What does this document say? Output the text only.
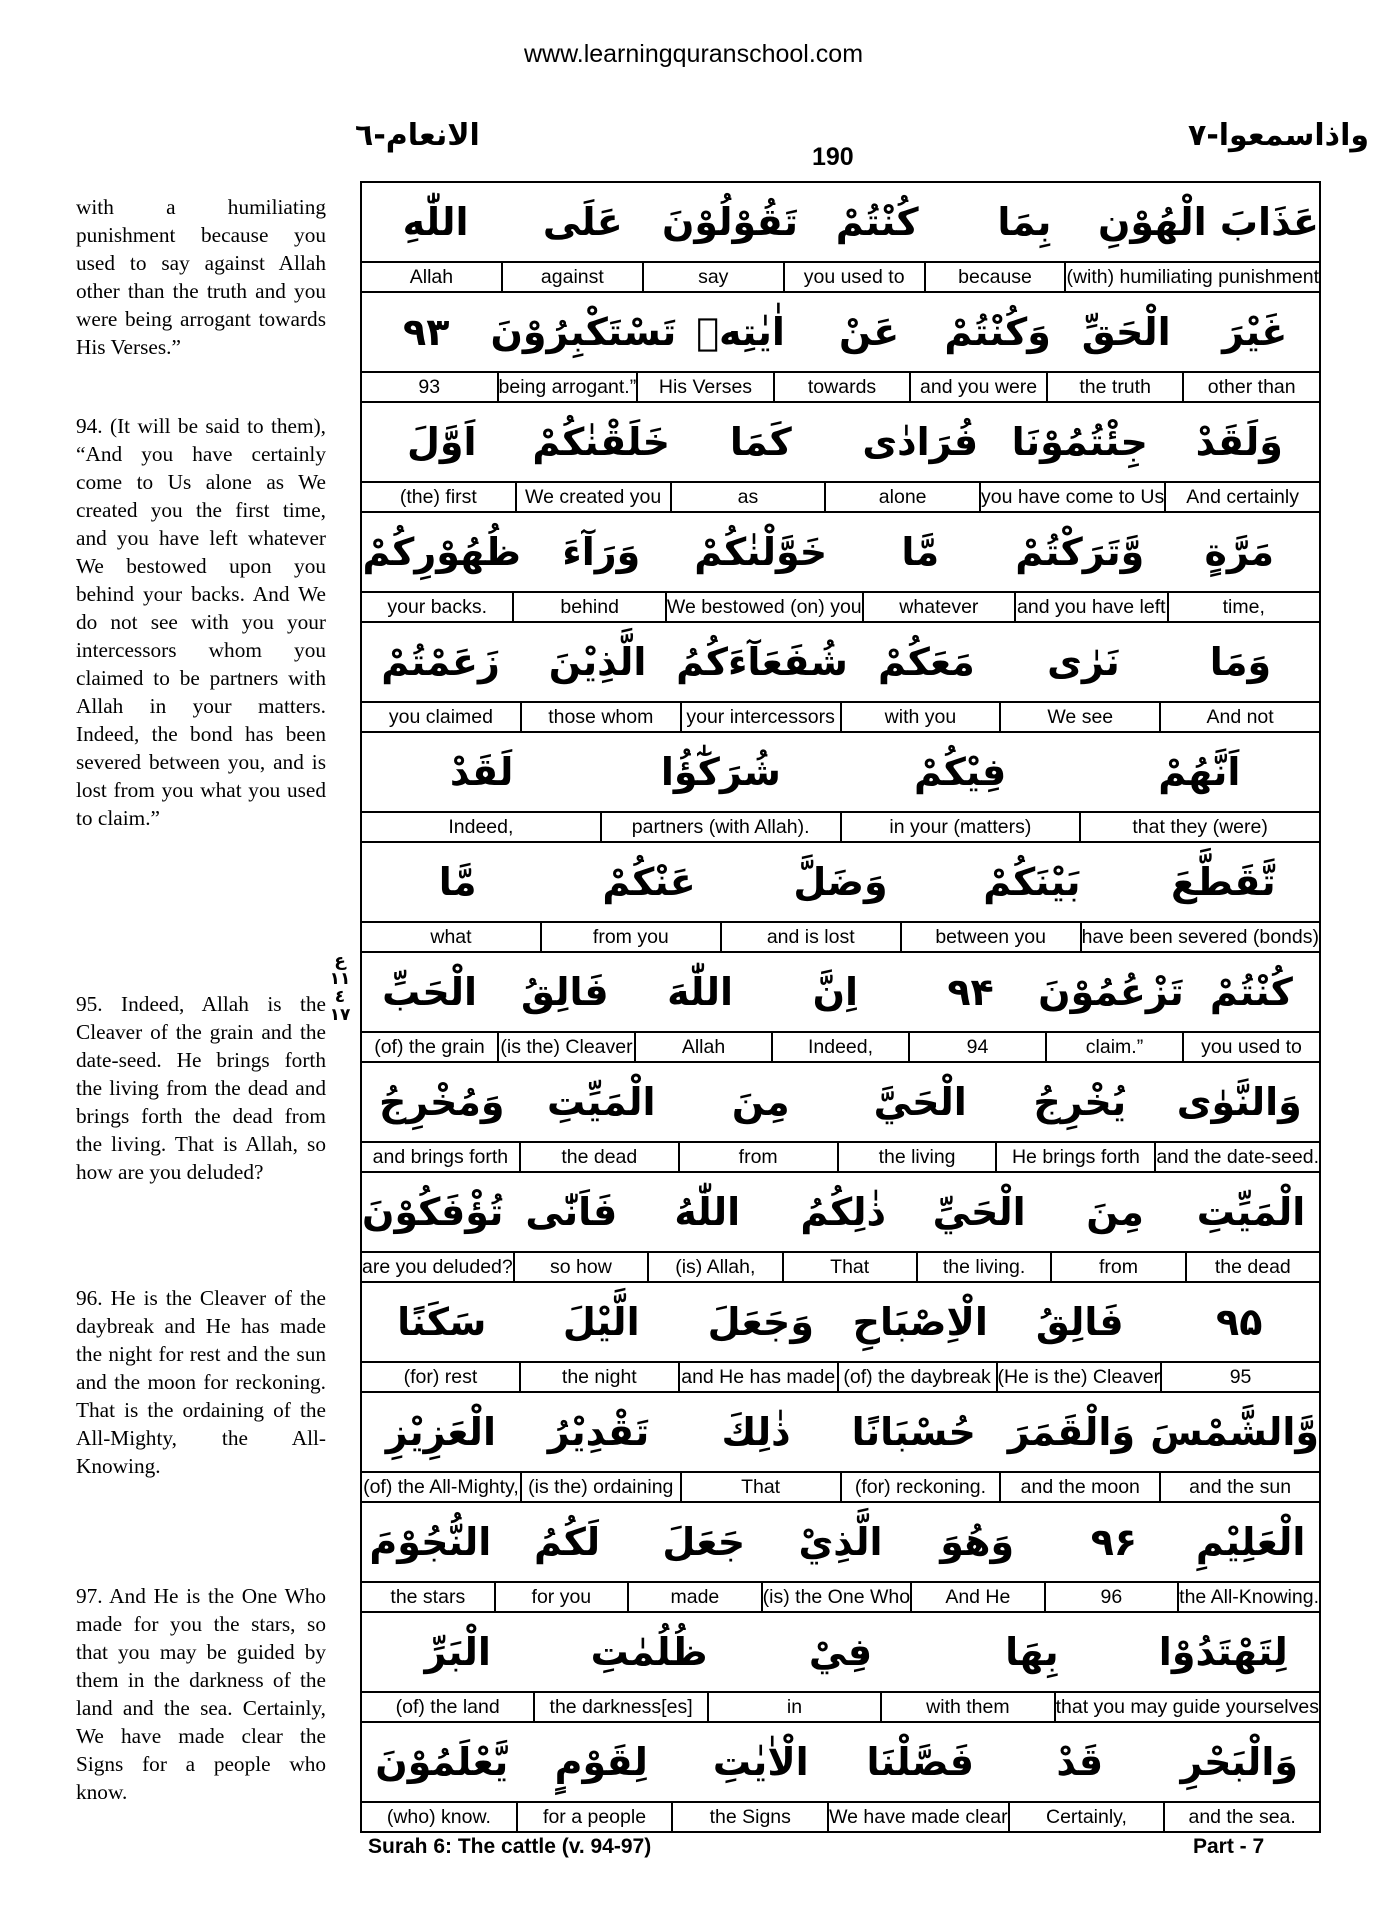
www.learningquranschool.com
الانعام-٦
190
واذاسمعوا-٧

with a humiliating punishment because you used to say against Allah other than the truth and you were being arrogant towards His Verses.”

94. (It will be said to them), “And you have certainly come to Us alone as We created you the first time, and you have left whatever We bestowed upon you behind your backs. And We do not see with you your intercessors whom you claimed to be partners with Allah in your matters. Indeed, the bond has been severed between you, and is lost from you what you used to claim.”

95. Indeed, Allah is the Cleaver of the grain and the date-seed. He brings forth the living from the dead and brings forth the dead from the living. That is Allah, so how are you deluded?

96. He is the Cleaver of the daybreak and He has made the night for rest and the sun and the moon for reckoning. That is the ordaining of the All-Mighty, the All-Knowing.

97. And He is the One Who made for you the stars, so that you may be guided by them in the darkness of the land and the sea. Certainly, We have made clear the Signs for a people who know.

ع ١١ ٤ ١٧
عَذَابَ الْهُوْنِ
بِمَا
كُنْتُمْ
تَقُوْلُوْنَ
عَلَى
اللّٰهِ
(with) humiliating punishment
because
you used to
say
against
Allah
غَيْرَ
الْحَقِّ
وَكُنْتُمْ
عَنْ
اٰيٰتِهٖ
تَسْتَكْبِرُوْنَ
۹۳
other than
the truth
and you were
towards
His Verses
being arrogant.”
93
وَلَقَدْ
جِئْتُمُوْنَا
فُرَادٰى
كَمَا
خَلَقْنٰكُمْ
اَوَّلَ
And certainly
you have come to Us
alone
as
We created you
(the) first
مَرَّةٍ
وَّتَرَكْتُمْ
مَّا
خَوَّلْنٰكُمْ
وَرَآءَ
ظُهُوْرِكُمْ
time,
and you have left
whatever
We bestowed (on) you
behind
your backs.
وَمَا
نَرٰى
مَعَكُمْ
شُفَعَآءَكُمُ
الَّذِيْنَ
زَعَمْتُمْ
And not
We see
with you
your intercessors
those whom
you claimed
اَنَّهُمْ
فِيْكُمْ
شُرَكٰٓؤُا
لَقَدْ
that they (were)
in your (matters)
partners (with Allah).
Indeed,
تَّقَطَّعَ
بَيْنَكُمْ
وَضَلَّ
عَنْكُمْ
مَّا
have been severed (bonds)
between you
and is lost
from you
what
كُنْتُمْ
تَزْعُمُوْنَ
۹۴
اِنَّ
اللّٰهَ
فَالِقُ
الْحَبِّ
you used to
claim.”
94
Indeed,
Allah
(is the) Cleaver
(of) the grain
وَالنَّوٰى
يُخْرِجُ
الْحَيَّ
مِنَ
الْمَيِّتِ
وَمُخْرِجُ
and the date-seed.
He brings forth
the living
from
the dead
and brings forth
الْمَيِّتِ
مِنَ
الْحَيِّ
ذٰلِكُمُ
اللّٰهُ
فَاَنّٰى
تُؤْفَكُوْنَ
the dead
from
the living.
That
(is) Allah,
so how
are you deluded?
۹۵
فَالِقُ
الْاِصْبَاحِ
وَجَعَلَ
الَّيْلَ
سَكَنًا
95
(He is the) Cleaver
(of) the daybreak
and He has made
the night
(for) rest
وَّالشَّمْسَ
وَالْقَمَرَ
حُسْبَانًا
ذٰلِكَ
تَقْدِيْرُ
الْعَزِيْزِ
and the sun
and the moon
(for) reckoning.
That
(is the) ordaining
(of) the All-Mighty,
الْعَلِيْمِ
۹۶
وَهُوَ
الَّذِيْ
جَعَلَ
لَكُمُ
النُّجُوْمَ
the All-Knowing.
96
And He
(is) the One Who
made
for you
the stars
لِتَهْتَدُوْا
بِهَا
فِيْ
ظُلُمٰتِ
الْبَرِّ
that you may guide yourselves
with them
in
the darkness[es]
(of) the land
وَالْبَحْرِ
قَدْ
فَصَّلْنَا
الْاٰيٰتِ
لِقَوْمٍ
يَّعْلَمُوْنَ
and the sea.
Certainly,
We have made clear
the Signs
for a people
(who) know.
Surah 6: The cattle (v. 94-97)	Part - 7
